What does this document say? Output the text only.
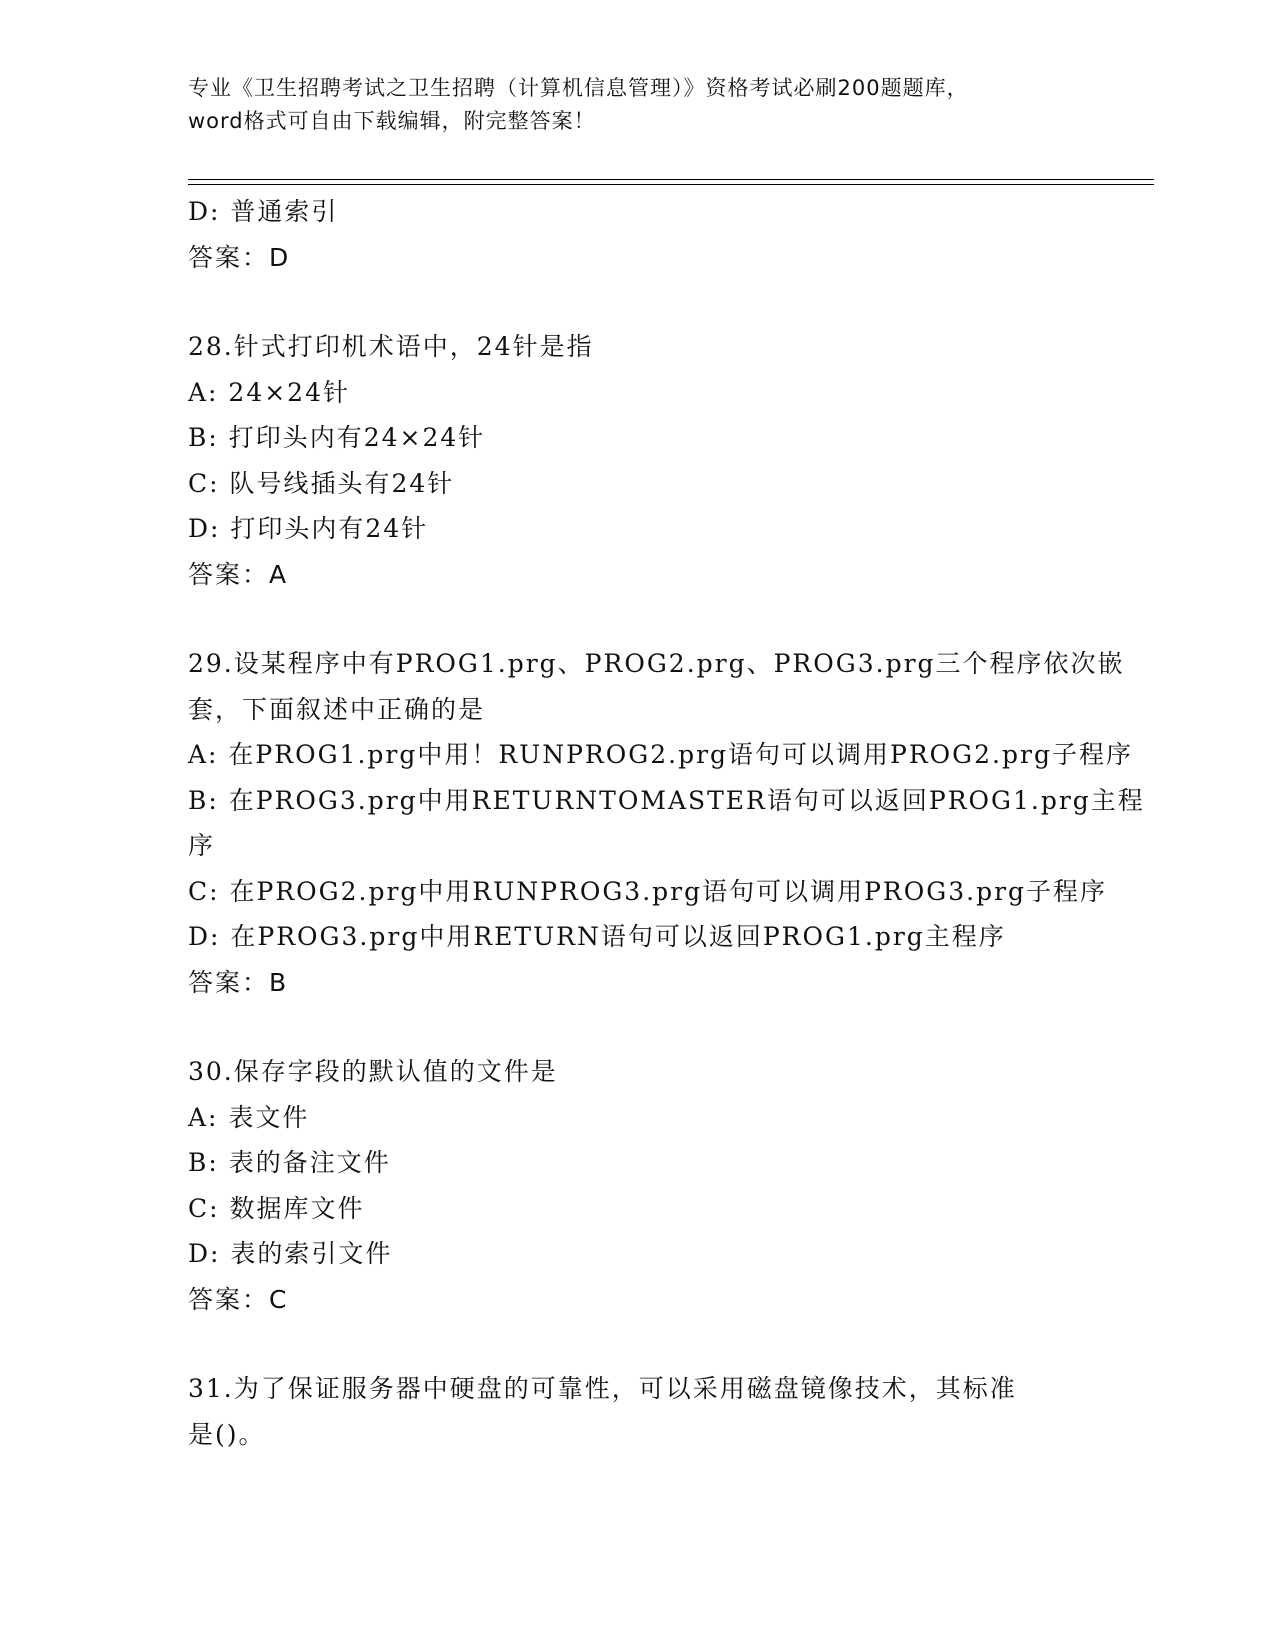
专业《卫生招聘考试之卫生招聘（计算机信息管理）》资格考试必刷200题题库，
word格式可自由下载编辑，附完整答案！
D: 普通索引
答案：D
28.针式打印机术语中，24针是指
A: 24×24针
B: 打印头内有24×24针
C: 队号线插头有24针
D: 打印头内有24针
答案：A
29.设某程序中有PROG1.prg、PROG2.prg、PROG3.prg三个程序依次嵌
套，下面叙述中正确的是
A: 在PROG1.prg中用！RUNPROG2.prg语句可以调用PROG2.prg子程序
B: 在PROG3.prg中用RETURNTOMASTER语句可以返回PROG1.prg主程
序
C: 在PROG2.prg中用RUNPROG3.prg语句可以调用PROG3.prg子程序
D: 在PROG3.prg中用RETURN语句可以返回PROG1.prg主程序
答案：B
30.保存字段的默认值的文件是
A: 表文件
B: 表的备注文件
C: 数据库文件
D: 表的索引文件
答案：C
31.为了保证服务器中硬盘的可靠性，可以采用磁盘镜像技术，其标准
是()。
